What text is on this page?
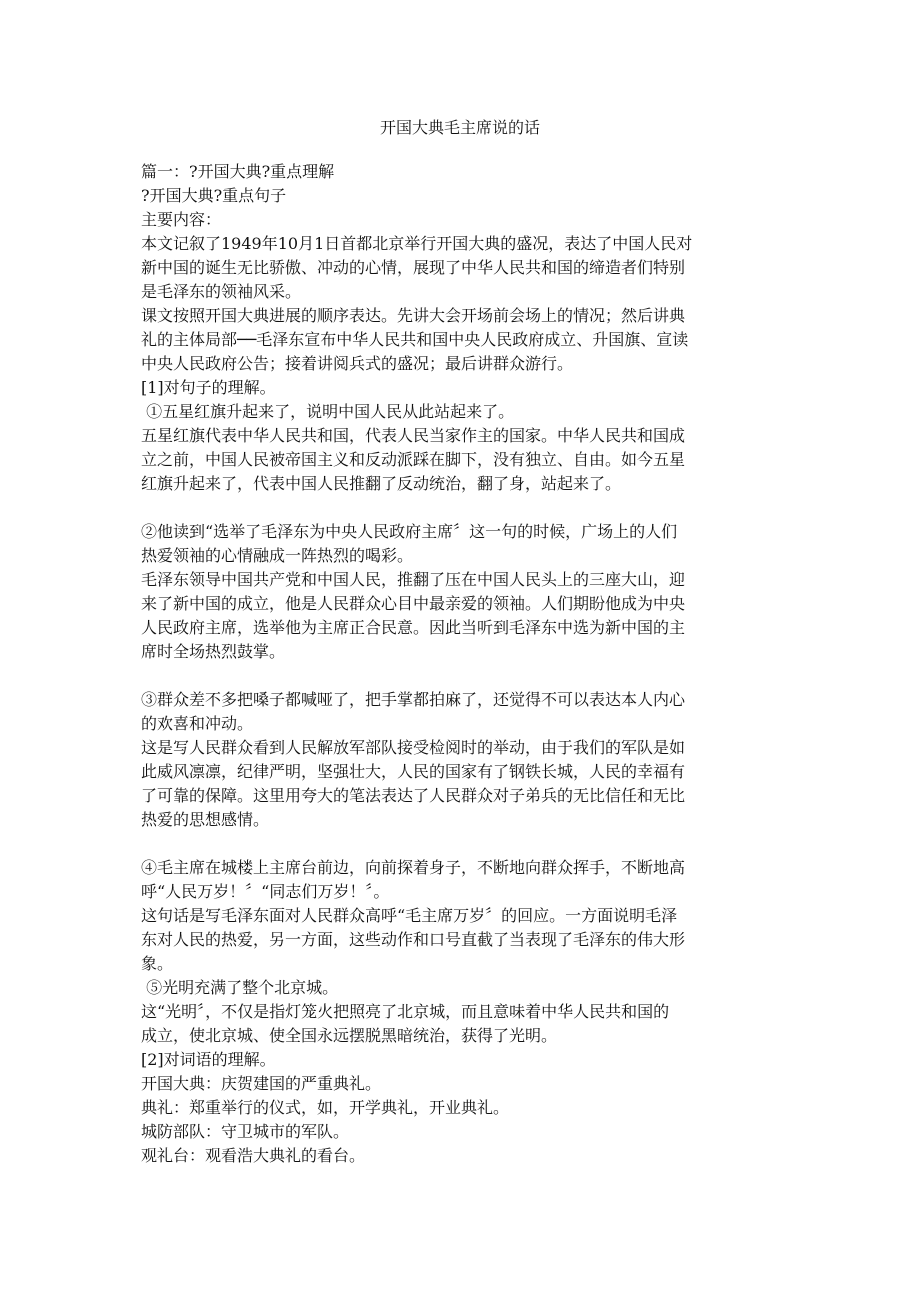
开国大典毛主席说的话

篇一：?开国大典?重点理解

?开国大典?重点句子

主要内容：

本文记叙了1949年10月1日首都北京举行开国大典的盛况，表达了中国人民对

新中国的诞生无比骄傲、冲动的心情，展现了中华人民共和国的缔造者们特别

是毛泽东的领袖风采。

课文按照开国大典进展的顺序表达。先讲大会开场前会场上的情况；然后讲典

礼的主体局部──毛泽东宣布中华人民共和国中央人民政府成立、升国旗、宣读

中央人民政府公告；接着讲阅兵式的盛况；最后讲群众游行。

[1]对句子的理解。

①五星红旗升起来了，说明中国人民从此站起来了。

五星红旗代表中华人民共和国，代表人民当家作主的国家。中华人民共和国成

立之前，中国人民被帝国主义和反动派踩在脚下，没有独立、自由。如今五星

红旗升起来了，代表中国人民推翻了反动统治，翻了身，站起来了。

②他读到“选举了毛泽东为中央人民政府主席〞这一句的时候，广场上的人们

热爱领袖的心情融成一阵热烈的喝彩。

毛泽东领导中国共产党和中国人民，推翻了压在中国人民头上的三座大山，迎

来了新中国的成立，他是人民群众心目中最亲爱的领袖。人们期盼他成为中央

人民政府主席，选举他为主席正合民意。因此当听到毛泽东中选为新中国的主

席时全场热烈鼓掌。

③群众差不多把嗓子都喊哑了，把手掌都拍麻了，还觉得不可以表达本人内心

的欢喜和冲动。

这是写人民群众看到人民解放军部队接受检阅时的举动，由于我们的军队是如

此威风凛凛，纪律严明，坚强壮大，人民的国家有了钢铁长城，人民的幸福有

了可靠的保障。这里用夸大的笔法表达了人民群众对子弟兵的无比信任和无比

热爱的思想感情。

④毛主席在城楼上主席台前边，向前探着身子，不断地向群众挥手，不断地高

呼“人民万岁！〞“同志们万岁！〞。

这句话是写毛泽东面对人民群众高呼“毛主席万岁〞的回应。一方面说明毛泽

东对人民的热爱，另一方面，这些动作和口号直截了当表现了毛泽东的伟大形

象。

⑤光明充满了整个北京城。

这“光明〞，不仅是指灯笼火把照亮了北京城，而且意味着中华人民共和国的

成立，使北京城、使全国永远摆脱黑暗统治，获得了光明。

[2]对词语的理解。

开国大典：庆贺建国的严重典礼。

典礼：郑重举行的仪式，如，开学典礼，开业典礼。

城防部队：守卫城市的军队。

观礼台：观看浩大典礼的看台。
